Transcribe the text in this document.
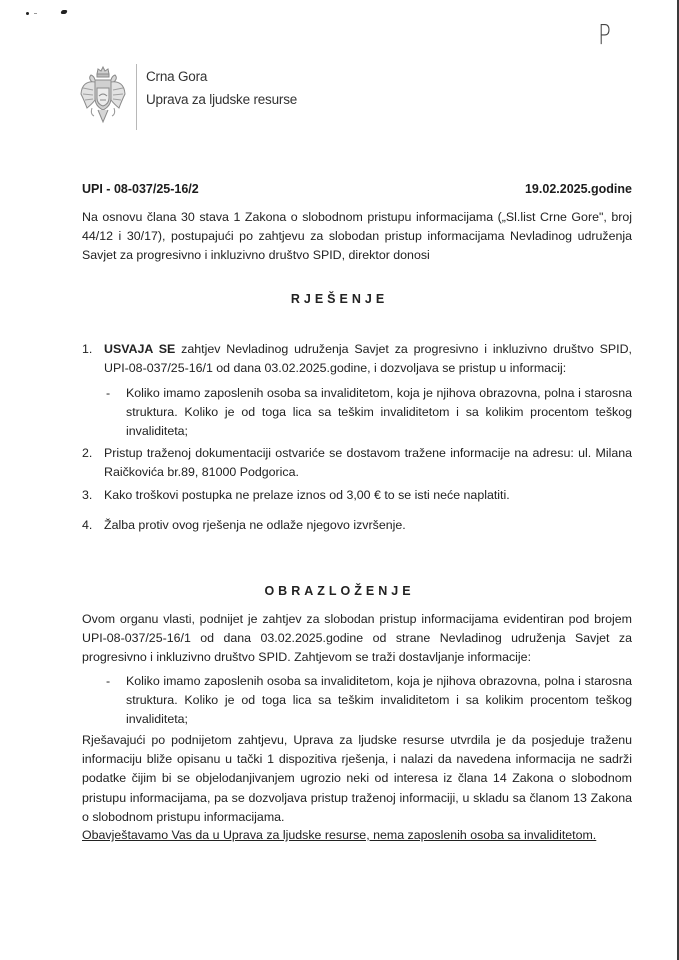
P
Crna Gora
Uprava za ljudske resurse
UPI - 08-037/25-16/2	19.02.2025.godine
Na osnovu člana 30 stava 1 Zakona o slobodnom pristupu informacijama („Sl.list Crne Gore", broj 44/12 i 30/17), postupajući po zahtjevu za slobodan pristup informacijama Nevladinog udruženja Savjet za progresivno i inkluzivno društvo SPID, direktor donosi
RJEŠENJE
1. USVAJA SE zahtjev Nevladinog udruženja Savjet za progresivno i inkluzivno društvo SPID, UPI-08-037/25-16/1 od dana 03.02.2025.godine, i dozvoljava se pristup u informacij:
-	Koliko imamo zaposlenih osoba sa invaliditetom, koja je njihova obrazovna, polna i starosna struktura. Koliko je od toga lica sa teškim invaliditetom i sa kolikim procentom teškog invaliditeta;
2. Pristup traženoj dokumentaciji ostvariće se dostavom tražene informacije na adresu: ul. Milana Raičkovića br.89, 81000 Podgorica.
3. Kako troškovi postupka ne prelaze iznos od 3,00 € to se isti neće naplatiti.
4. Žalba protiv ovog rješenja ne odlaže njegovo izvršenje.
OBRAZLOŽENJE
Ovom organu vlasti, podnijet je zahtjev za slobodan pristup informacijama evidentiran pod brojem UPI-08-037/25-16/1 od dana 03.02.2025.godine od strane Nevladinog udruženja Savjet za progresivno i inkluzivno društvo SPID. Zahtjevom se traži dostavljanje informacije:
-	Koliko imamo zaposlenih osoba sa invaliditetom, koja je njihova obrazovna, polna i starosna struktura. Koliko je od toga lica sa teškim invaliditetom i sa kolikim procentom teškog invaliditeta;
Rješavajući po podnijetom zahtjevu, Uprava za ljudske resurse utvrdila je da posjeduje traženu informaciju bliže opisanu u tački 1 dispozitiva rješenja, i nalazi da navedena informacija ne sadrži podatke čijim bi se objelodanjivanjem ugrozio neki od interesa iz člana 14 Zakona o slobodnom pristupu informacijama, pa se dozvoljava pristup traženoj informaciji, u skladu sa članom 13 Zakona o slobodnom pristupu informacijama.
Obavještavamo Vas da u Uprava za ljudske resurse, nema zaposlenih osoba sa invaliditetom.
